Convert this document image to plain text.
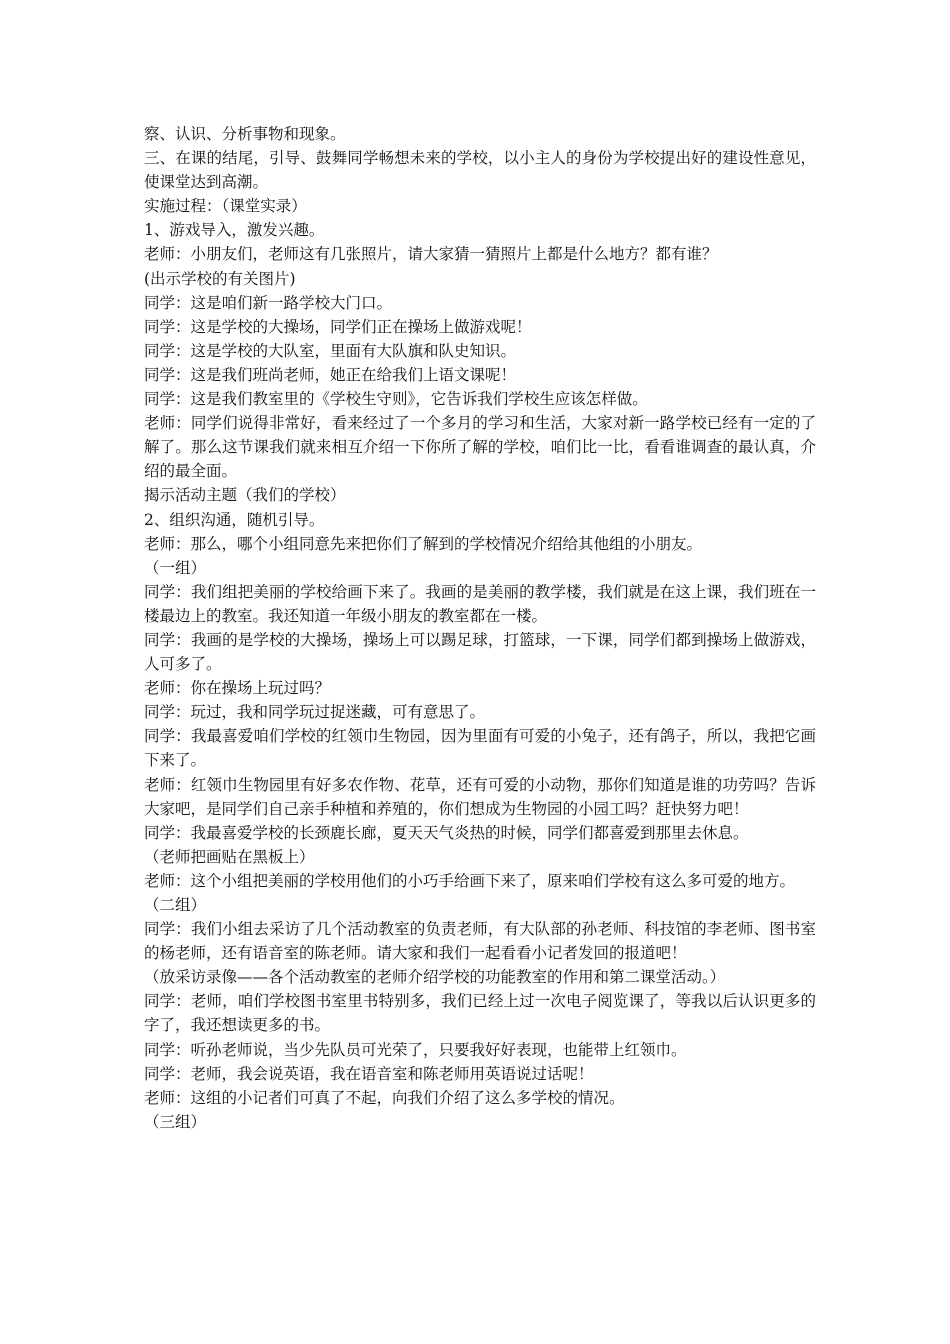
察、认识、分析事物和现象。

三、在课的结尾，引导、鼓舞同学畅想未来的学校，以小主人的身份为学校提出好的建设性意见，使课堂达到高潮。

实施过程：（课堂实录）

1、游戏导入，激发兴趣。

老师：小朋友们，老师这有几张照片，请大家猜一猜照片上都是什么地方？都有谁？

(出示学校的有关图片)

同学：这是咱们新一路学校大门口。

同学：这是学校的大操场，同学们正在操场上做游戏呢！

同学：这是学校的大队室，里面有大队旗和队史知识。

同学：这是我们班尚老师，她正在给我们上语文课呢！

同学：这是我们教室里的《学校生守则》，它告诉我们学校生应该怎样做。

老师：同学们说得非常好，看来经过了一个多月的学习和生活，大家对新一路学校已经有一定的了解了。那么这节课我们就来相互介绍一下你所了解的学校，咱们比一比，看看谁调查的最认真，介绍的最全面。

揭示活动主题（我们的学校）

2、组织沟通，随机引导。

老师：那么，哪个小组同意先来把你们了解到的学校情况介绍给其他组的小朋友。

（一组）

同学：我们组把美丽的学校给画下来了。我画的是美丽的教学楼，我们就是在这上课，我们班在一楼最边上的教室。我还知道一年级小朋友的教室都在一楼。

同学：我画的是学校的大操场，操场上可以踢足球，打篮球，一下课，同学们都到操场上做游戏，人可多了。

老师：你在操场上玩过吗？

同学：玩过，我和同学玩过捉迷藏，可有意思了。

同学：我最喜爱咱们学校的红领巾生物园，因为里面有可爱的小兔子，还有鸽子，所以，我把它画下来了。

老师：红领巾生物园里有好多农作物、花草，还有可爱的小动物，那你们知道是谁的功劳吗？告诉大家吧，是同学们自己亲手种植和养殖的，你们想成为生物园的小园工吗？赶快努力吧！

同学：我最喜爱学校的长颈鹿长廊，夏天天气炎热的时候，同学们都喜爱到那里去休息。

（老师把画贴在黑板上）

老师：这个小组把美丽的学校用他们的小巧手给画下来了，原来咱们学校有这么多可爱的地方。

（二组）

同学：我们小组去采访了几个活动教室的负责老师，有大队部的孙老师、科技馆的李老师、图书室的杨老师，还有语音室的陈老师。请大家和我们一起看看小记者发回的报道吧！

（放采访录像——各个活动教室的老师介绍学校的功能教室的作用和第二课堂活动。）

同学：老师，咱们学校图书室里书特别多，我们已经上过一次电子阅览课了，等我以后认识更多的字了，我还想读更多的书。

同学：听孙老师说，当少先队员可光荣了，只要我好好表现，也能带上红领巾。

同学：老师，我会说英语，我在语音室和陈老师用英语说过话呢！

老师：这组的小记者们可真了不起，向我们介绍了这么多学校的情况。

（三组）
